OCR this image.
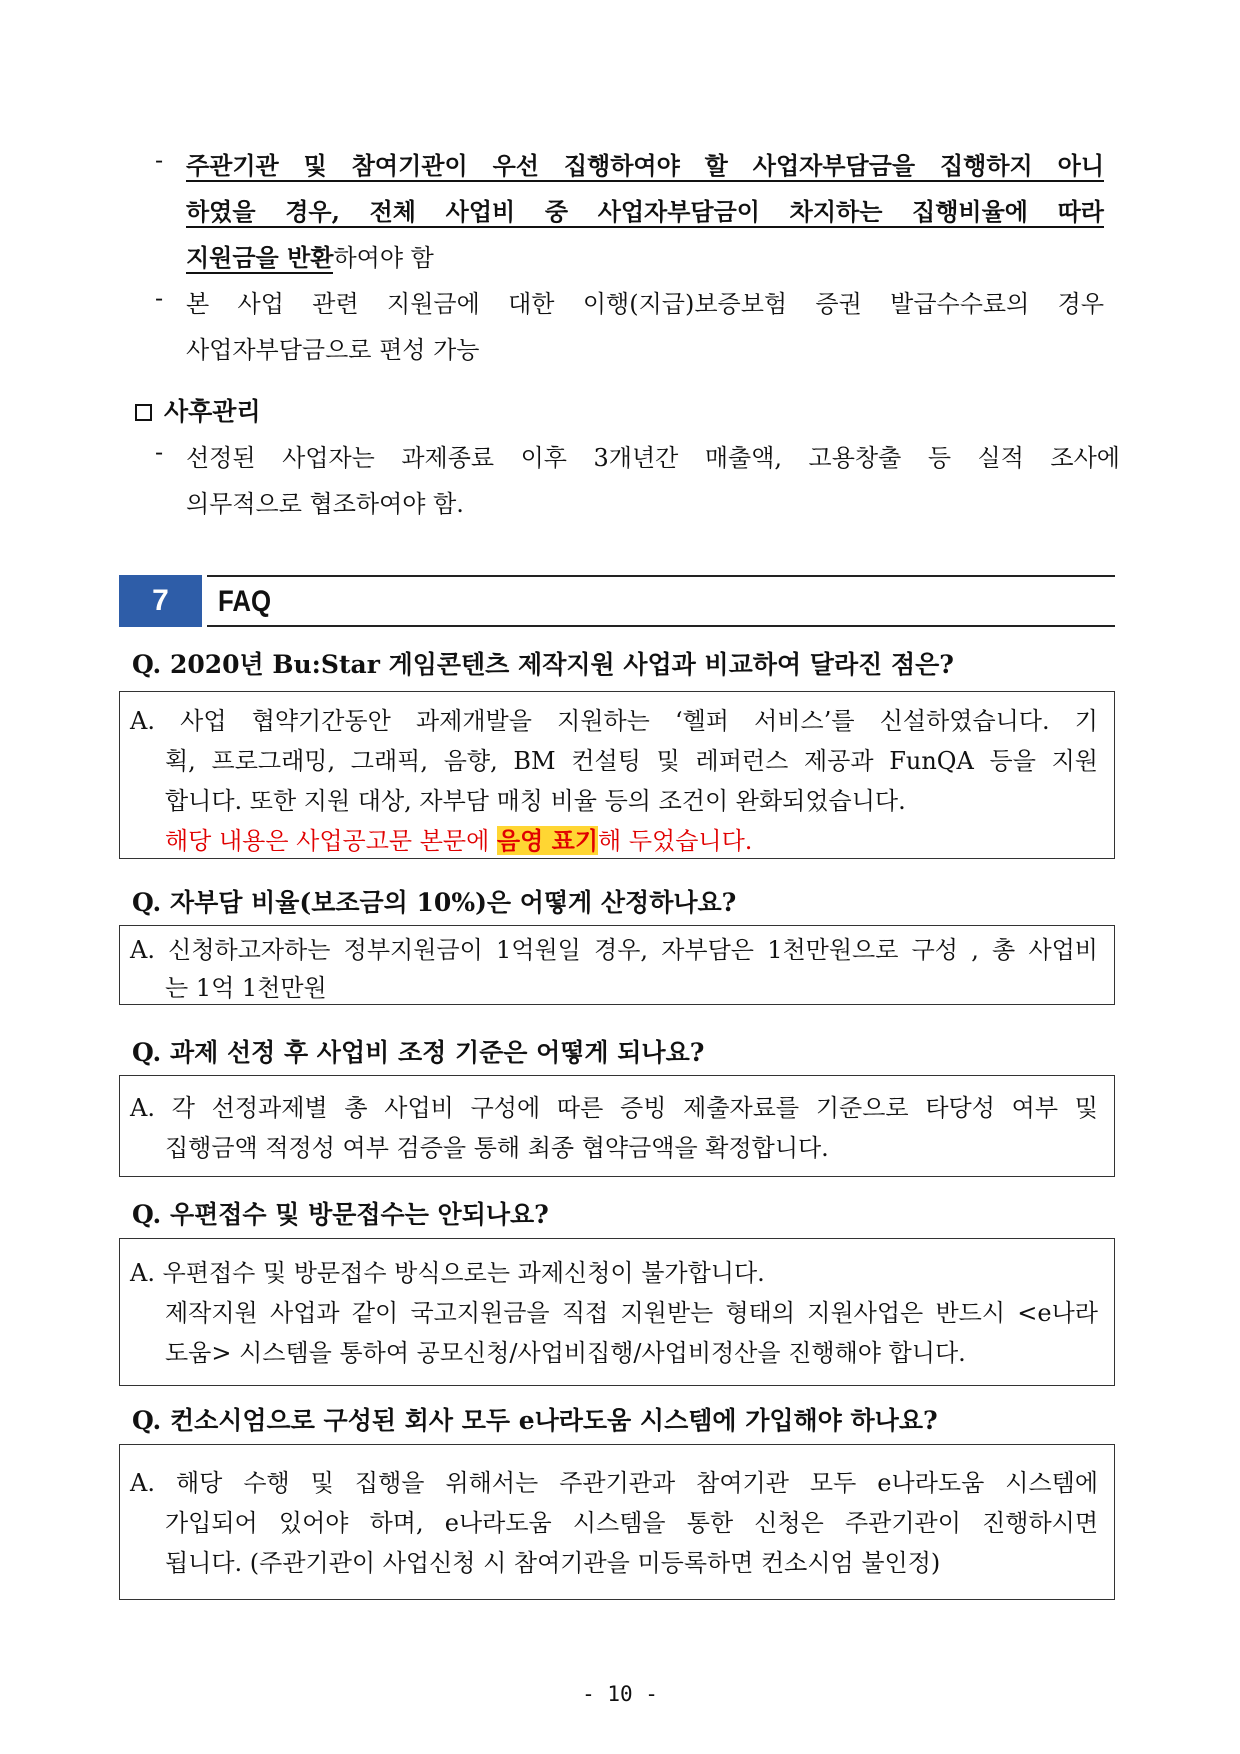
- 주관기관 및 참여기관이 우선 집행하여야 할 사업자부담금을 집행하지 아니
하였을 경우, 전체 사업비 중 사업자부담금이 차지하는 집행비율에 따라
지원금을 반환하여야 함
- 본 사업 관련 지원금에 대한 이행(지급)보증보험 증권 발급수수료의 경우
사업자부담금으로 편성 가능
사후관리
- 선정된 사업자는 과제종료 이후 3개년간 매출액, 고용창출 등 실적 조사에
의무적으로 협조하여야 함.
7	FAQ
Q. 2020년 Bu:Star 게임콘텐츠 제작지원 사업과 비교하여 달라진 점은?
A. 사업 협약기간동안 과제개발을 지원하는 ‘헬퍼 서비스’를 신설하였습니다. 기
획, 프로그래밍, 그래픽, 음향, BM 컨설팅 및 레퍼런스 제공과 FunQA 등을 지원
합니다. 또한 지원 대상, 자부담 매칭 비율 등의 조건이 완화되었습니다.
해당 내용은 사업공고문 본문에 음영 표기해 두었습니다.
Q. 자부담 비율(보조금의 10%)은 어떻게 산정하나요?
A. 신청하고자하는 정부지원금이 1억원일 경우, 자부담은 1천만원으로 구성 , 총 사업비
는 1억 1천만원
Q. 과제 선정 후 사업비 조정 기준은 어떻게 되나요?
A. 각 선정과제별 총 사업비 구성에 따른 증빙 제출자료를 기준으로 타당성 여부 및
집행금액 적정성 여부 검증을 통해 최종 협약금액을 확정합니다.
Q. 우편접수 및 방문접수는 안되나요?
A. 우편접수 및 방문접수 방식으로는 과제신청이 불가합니다.
제작지원 사업과 같이 국고지원금을 직접 지원받는 형태의 지원사업은 반드시 <e나라
도움> 시스템을 통하여 공모신청/사업비집행/사업비정산을 진행해야 합니다.
Q. 컨소시엄으로 구성된 회사 모두 e나라도움 시스템에 가입해야 하나요?
A. 해당 수행 및 집행을 위해서는 주관기관과 참여기관 모두 e나라도움 시스템에
가입되어 있어야 하며, e나라도움 시스템을 통한 신청은 주관기관이 진행하시면
됩니다. (주관기관이 사업신청 시 참여기관을 미등록하면 컨소시엄 불인정)
- 10 -
